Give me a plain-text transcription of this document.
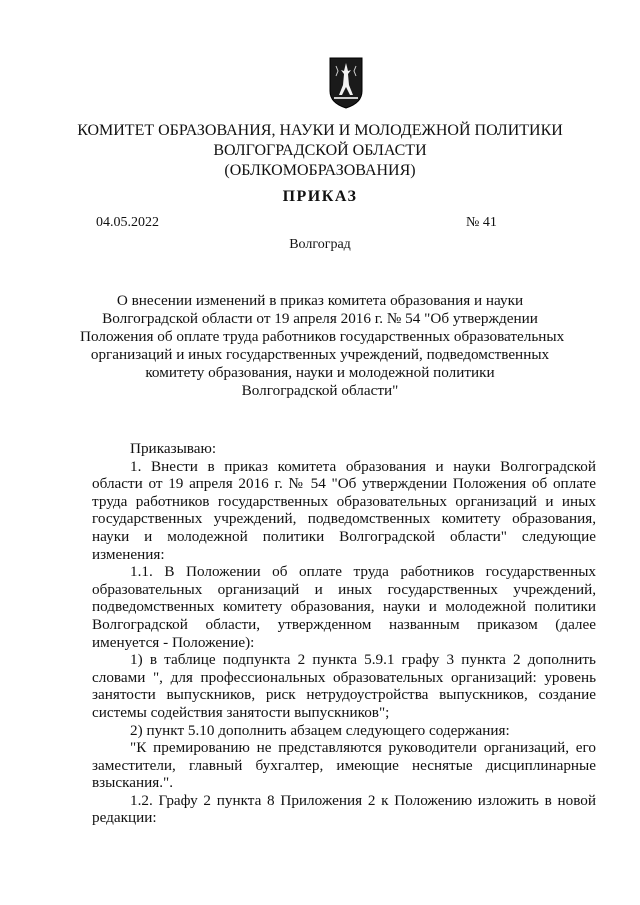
КОМИТЕТ ОБРАЗОВАНИЯ, НАУКИ И МОЛОДЕЖНОЙ ПОЛИТИКИ
ВОЛГОГРАДСКОЙ ОБЛАСТИ
(ОБЛКОМОБРАЗОВАНИЯ)
ПРИКАЗ
04.05.2022	№ 41
Волгоград
О внесении изменений в приказ комитета образования и науки
Волгоградской области от 19 апреля 2016 г. № 54 "Об утверждении
Положения об оплате труда работников государственных образовательных
организаций и иных государственных учреждений, подведомственных
комитету образования, науки и молодежной политики
Волгоградской области"

Приказываю:

1. Внести в приказ комитета образования и науки Волгоградской области от 19 апреля 2016 г. № 54 "Об утверждении Положения об оплате труда работников государственных образовательных организаций и иных государственных учреждений, подведомственных комитету образования, науки и молодежной политики Волгоградской области" следующие изменения:

1.1. В Положении об оплате труда работников государственных образовательных организаций и иных государственных учреждений, подведомственных комитету образования, науки и молодежной политики Волгоградской области, утвержденном названным приказом (далее именуется - Положение):

1) в таблице подпункта 2 пункта 5.9.1 графу 3 пункта 2 дополнить словами ", для профессиональных образовательных организаций: уровень занятости выпускников, риск нетрудоустройства выпускников, создание системы содействия занятости выпускников";

2) пункт 5.10 дополнить абзацем следующего содержания:

"К премированию не представляются руководители организаций, его заместители, главный бухгалтер, имеющие неснятые дисциплинарные взыскания.".

1.2. Графу 2 пункта 8 Приложения 2 к Положению изложить в новой редакции:
